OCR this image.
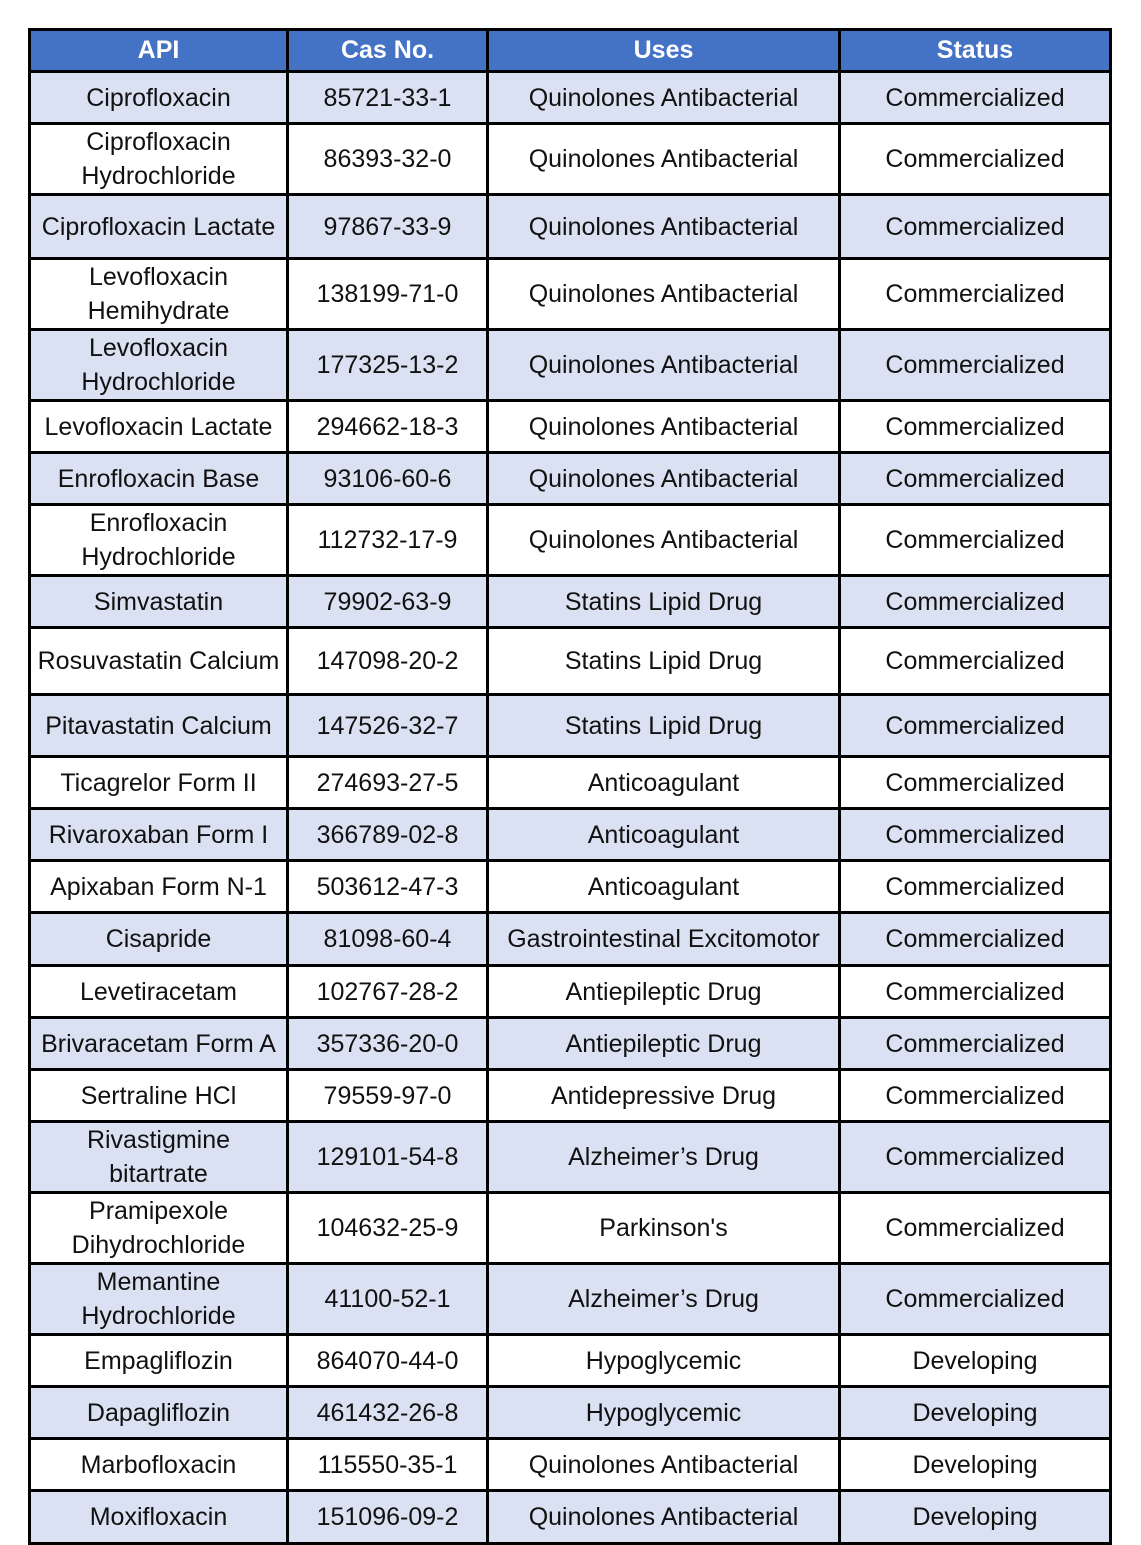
API	Cas No.	Uses	Status
Ciprofloxacin	85721-33-1	Quinolones Antibacterial	Commercialized
Ciprofloxacin Hydrochloride	86393-32-0	Quinolones Antibacterial	Commercialized
Ciprofloxacin Lactate	97867-33-9	Quinolones Antibacterial	Commercialized
Levofloxacin Hemihydrate	138199-71-0	Quinolones Antibacterial	Commercialized
Levofloxacin Hydrochloride	177325-13-2	Quinolones Antibacterial	Commercialized
Levofloxacin Lactate	294662-18-3	Quinolones Antibacterial	Commercialized
Enrofloxacin Base	93106-60-6	Quinolones Antibacterial	Commercialized
Enrofloxacin Hydrochloride	112732-17-9	Quinolones Antibacterial	Commercialized
Simvastatin	79902-63-9	Statins Lipid Drug	Commercialized
Rosuvastatin Calcium	147098-20-2	Statins Lipid Drug	Commercialized
Pitavastatin Calcium	147526-32-7	Statins Lipid Drug	Commercialized
Ticagrelor Form II	274693-27-5	Anticoagulant	Commercialized
Rivaroxaban Form I	366789-02-8	Anticoagulant	Commercialized
Apixaban Form N-1	503612-47-3	Anticoagulant	Commercialized
Cisapride	81098-60-4	Gastrointestinal Excitomotor	Commercialized
Levetiracetam	102767-28-2	Antiepileptic Drug	Commercialized
Brivaracetam Form A	357336-20-0	Antiepileptic Drug	Commercialized
Sertraline HCl	79559-97-0	Antidepressive Drug	Commercialized
Rivastigmine bitartrate	129101-54-8	Alzheimer’s Drug	Commercialized
Pramipexole Dihydrochloride	104632-25-9	Parkinson's	Commercialized
Memantine Hydrochloride	41100-52-1	Alzheimer’s Drug	Commercialized
Empagliflozin	864070-44-0	Hypoglycemic	Developing
Dapagliflozin	461432-26-8	Hypoglycemic	Developing
Marbofloxacin	115550-35-1	Quinolones Antibacterial	Developing
Moxifloxacin	151096-09-2	Quinolones Antibacterial	Developing
